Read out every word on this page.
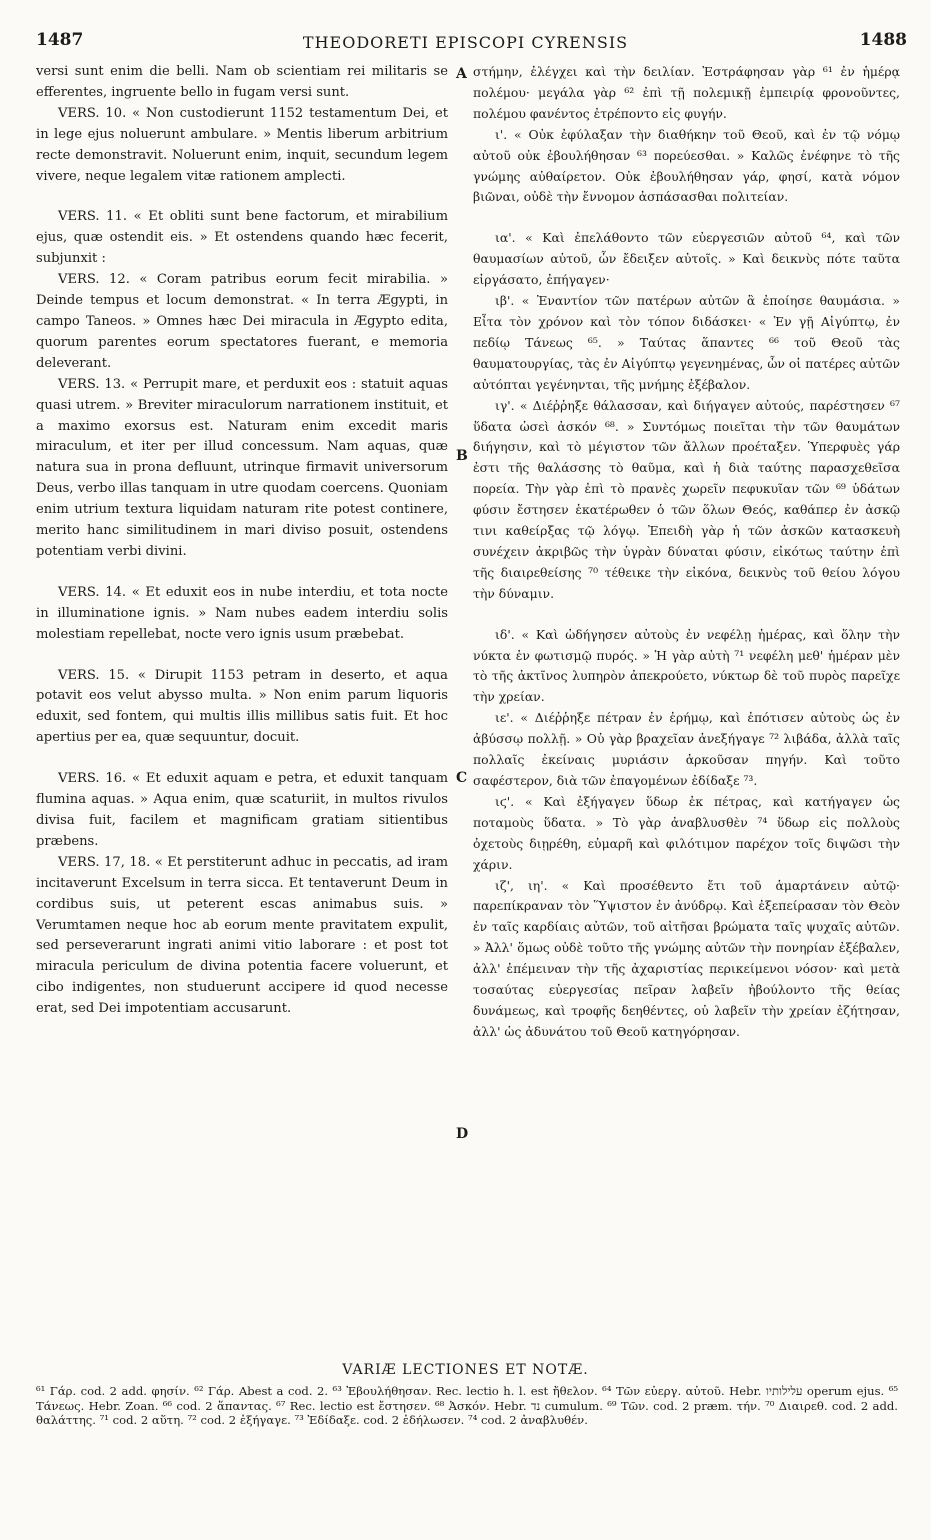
1487	THEODORETI EPISCOPI CYRENSIS	1488

versi sunt enim die belli. Nam ob scientiam rei militaris se efferentes, ingruente bello in fugam versi sunt.

VERS. 10. « Non custodierunt 1152 testamentum Dei, et in lege ejus noluerunt ambulare. » Mentis liberum arbitrium recte demonstravit. Noluerunt enim, inquit, secundum legem vivere, neque legalem vitæ rationem amplecti.

VERS. 11. « Et obliti sunt bene factorum, et mirabilium ejus, quæ ostendit eis. » Et ostendens quando hæc fecerit, subjunxit :

VERS. 12. « Coram patribus eorum fecit mirabilia. » Deinde tempus et locum demonstrat. « In terra Ægypti, in campo Taneos. » Omnes hæc Dei miracula in Ægypto edita, quorum parentes eorum spectatores fuerant, e memoria deleverant.

VERS. 13. « Perrupit mare, et perduxit eos : statuit aquas quasi utrem. » Breviter miraculorum narrationem instituit, et a maximo exorsus est. Naturam enim excedit maris miraculum, et iter per illud concessum. Nam aquas, quæ natura sua in prona defluunt, utrinque firmavit universorum Deus, verbo illas tanquam in utre quodam coercens. Quoniam enim utrium textura liquidam naturam rite potest continere, merito hanc similitudinem in mari diviso posuit, ostendens potentiam verbi divini.

VERS. 14. « Et eduxit eos in nube interdiu, et tota nocte in illuminatione ignis. » Nam nubes eadem interdiu solis molestiam repellebat, nocte vero ignis usum præbebat.

VERS. 15. « Dirupit 1153 petram in deserto, et aqua potavit eos velut abysso multa. » Non enim parum liquoris eduxit, sed fontem, qui multis illis millibus satis fuit. Et hoc apertius per ea, quæ sequuntur, docuit.

VERS. 16. « Et eduxit aquam e petra, et eduxit tanquam flumina aquas. » Aqua enim, quæ scaturiit, in multos rivulos divisa fuit, facilem et magnificam gratiam sitientibus præbens.

VERS. 17, 18. « Et perstiterunt adhuc in peccatis, ad iram incitaverunt Excelsum in terra sicca. Et tentaverunt Deum in cordibus suis, ut peterent escas animabus suis. » Verumtamen neque hoc ab eorum mente pravitatem expulit, sed perseverarunt ingrati animi vitio laborare : et post tot miracula periculum de divina potentia facere voluerunt, et cibo indigentes, non studuerunt accipere id quod necesse erat, sed Dei impotentiam accusarunt.

A
B
C
D

στήμην, ἐλέγχει καὶ τὴν δειλίαν. Ἐστράφησαν γὰρ ⁶¹ ἐν ἡμέρᾳ πολέμου· μεγάλα γὰρ ⁶² ἐπὶ τῇ πολεμικῇ ἐμπειρίᾳ φρονοῦντες, πολέμου φανέντος ἐτρέποντο εἰς φυγήν.

ι'. « Οὐκ ἐφύλαξαν τὴν διαθήκην τοῦ Θεοῦ, καὶ ἐν τῷ νόμῳ αὐτοῦ οὐκ ἐβουλήθησαν ⁶³ πορεύεσθαι. » Καλῶς ἐνέφηνε τὸ τῆς γνώμης αὐθαίρετον. Οὐκ ἐβουλήθησαν γάρ, φησί, κατὰ νόμον βιῶναι, οὐδὲ τὴν ἔννομον ἀσπάσασθαι πολιτείαν.

ια'. « Καὶ ἐπελάθοντο τῶν εὐεργεσιῶν αὐτοῦ ⁶⁴, καὶ τῶν θαυμασίων αὐτοῦ, ὧν ἔδειξεν αὐτοῖς. » Καὶ δεικνὺς πότε ταῦτα εἰργάσατο, ἐπήγαγεν·

ιβ'. « Ἐναντίον τῶν πατέρων αὐτῶν ἃ ἐποίησε θαυμάσια. » Εἶτα τὸν χρόνον καὶ τὸν τόπον διδάσκει· « Ἐν γῇ Αἰγύπτῳ, ἐν πεδίῳ Τάνεως ⁶⁵. » Ταύτας ἅπαντες ⁶⁶ τοῦ Θεοῦ τὰς θαυματουργίας, τὰς ἐν Αἰγύπτῳ γεγενημένας, ὧν οἱ πατέρες αὐτῶν αὐτόπται γεγένηνται, τῆς μνήμης ἐξέβαλον.

ιγ'. « Διέῤῥηξε θάλασσαν, καὶ διήγαγεν αὐτούς, παρέστησεν ⁶⁷ ὕδατα ὡσεὶ ἀσκόν ⁶⁸. » Συντόμως ποιεῖται τὴν τῶν θαυμάτων διήγησιν, καὶ τὸ μέγιστον τῶν ἄλλων προέταξεν. Ὑπερφυὲς γάρ ἐστι τῆς θαλάσσης τὸ θαῦμα, καὶ ἡ διὰ ταύτης παρασχεθεῖσα πορεία. Τὴν γὰρ ἐπὶ τὸ πρανὲς χωρεῖν πεφυκυῖαν τῶν ⁶⁹ ὑδάτων φύσιν ἔστησεν ἑκατέρωθεν ὁ τῶν ὅλων Θεός, καθάπερ ἐν ἀσκῷ τινι καθείρξας τῷ λόγῳ. Ἐπειδὴ γὰρ ἡ τῶν ἀσκῶν κατασκευὴ συνέχειν ἀκριβῶς τὴν ὑγρὰν δύναται φύσιν, εἰκότως ταύτην ἐπὶ τῆς διαιρεθείσης ⁷⁰ τέθεικε τὴν εἰκόνα, δεικνὺς τοῦ θείου λόγου τὴν δύναμιν.

ιδ'. « Καὶ ὡδήγησεν αὐτοὺς ἐν νεφέλῃ ἡμέρας, καὶ ὅλην τὴν νύκτα ἐν φωτισμῷ πυρός. » Ἡ γὰρ αὐτὴ ⁷¹ νεφέλη μεθ' ἡμέραν μὲν τὸ τῆς ἀκτῖνος λυπηρὸν ἀπεκρούετο, νύκτωρ δὲ τοῦ πυρὸς παρεῖχε τὴν χρείαν.

ιε'. « Διέῤῥηξε πέτραν ἐν ἐρήμῳ, καὶ ἐπότισεν αὐτοὺς ὡς ἐν ἀβύσσῳ πολλῇ. » Οὐ γὰρ βραχεῖαν ἀνεξήγαγε ⁷² λιβάδα, ἀλλὰ ταῖς πολλαῖς ἐκείναις μυριάσιν ἀρκοῦσαν πηγήν. Καὶ τοῦτο σαφέστερον, διὰ τῶν ἐπαγομένων ἐδίδαξε ⁷³.

ιϛ'. « Καὶ ἐξήγαγεν ὕδωρ ἐκ πέτρας, καὶ κατήγαγεν ὡς ποταμοὺς ὕδατα. » Τὸ γὰρ ἀναβλυσθὲν ⁷⁴ ὕδωρ εἰς πολλοὺς ὀχετοὺς διῃρέθη, εὐμαρῆ καὶ φιλότιμον παρέχον τοῖς διψῶσι τὴν χάριν.

ιζ', ιη'. « Καὶ προσέθεντο ἔτι τοῦ ἁμαρτάνειν αὐτῷ· παρεπίκραναν τὸν Ὕψιστον ἐν ἀνύδρῳ. Καὶ ἐξεπείρασαν τὸν Θεὸν ἐν ταῖς καρδίαις αὐτῶν, τοῦ αἰτῆσαι βρώματα ταῖς ψυχαῖς αὐτῶν. » Ἀλλ' ὅμως οὐδὲ τοῦτο τῆς γνώμης αὐτῶν τὴν πονηρίαν ἐξέβαλεν, ἀλλ' ἐπέμειναν τὴν τῆς ἀχαριστίας περικείμενοι νόσον· καὶ μετὰ τοσαύτας εὐεργεσίας πεῖραν λαβεῖν ἠβούλοντο τῆς θείας δυνάμεως, καὶ τροφῆς δεηθέντες, οὐ λαβεῖν τὴν χρείαν ἐζήτησαν, ἀλλ' ὡς ἀδυνάτου τοῦ Θεοῦ κατηγόρησαν.

VARIÆ LECTIONES ET NOTÆ.

⁶¹ Γάρ. cod. 2 add. φησίν. ⁶² Γάρ. Abest a cod. 2. ⁶³ Ἐβουλήθησαν. Rec. lectio h. l. est ἤθελον. ⁶⁴ Τῶν εὐεργ. αὐτοῦ. Hebr. עלילותיו operum ejus. ⁶⁵ Τάνεως. Hebr. Zoan. ⁶⁶ cod. 2 ἅπαντας. ⁶⁷ Rec. lectio est ἔστησεν. ⁶⁸ Ἀσκόν. Hebr. נד cumulum. ⁶⁹ Τῶν. cod. 2 præm. τήν. ⁷⁰ Διαιρεθ. cod. 2 add. θαλάττης. ⁷¹ cod. 2 αὕτη. ⁷² cod. 2 ἐξήγαγε. ⁷³ Ἐδίδαξε. cod. 2 ἐδήλωσεν. ⁷⁴ cod. 2 ἀναβλυθέν.
